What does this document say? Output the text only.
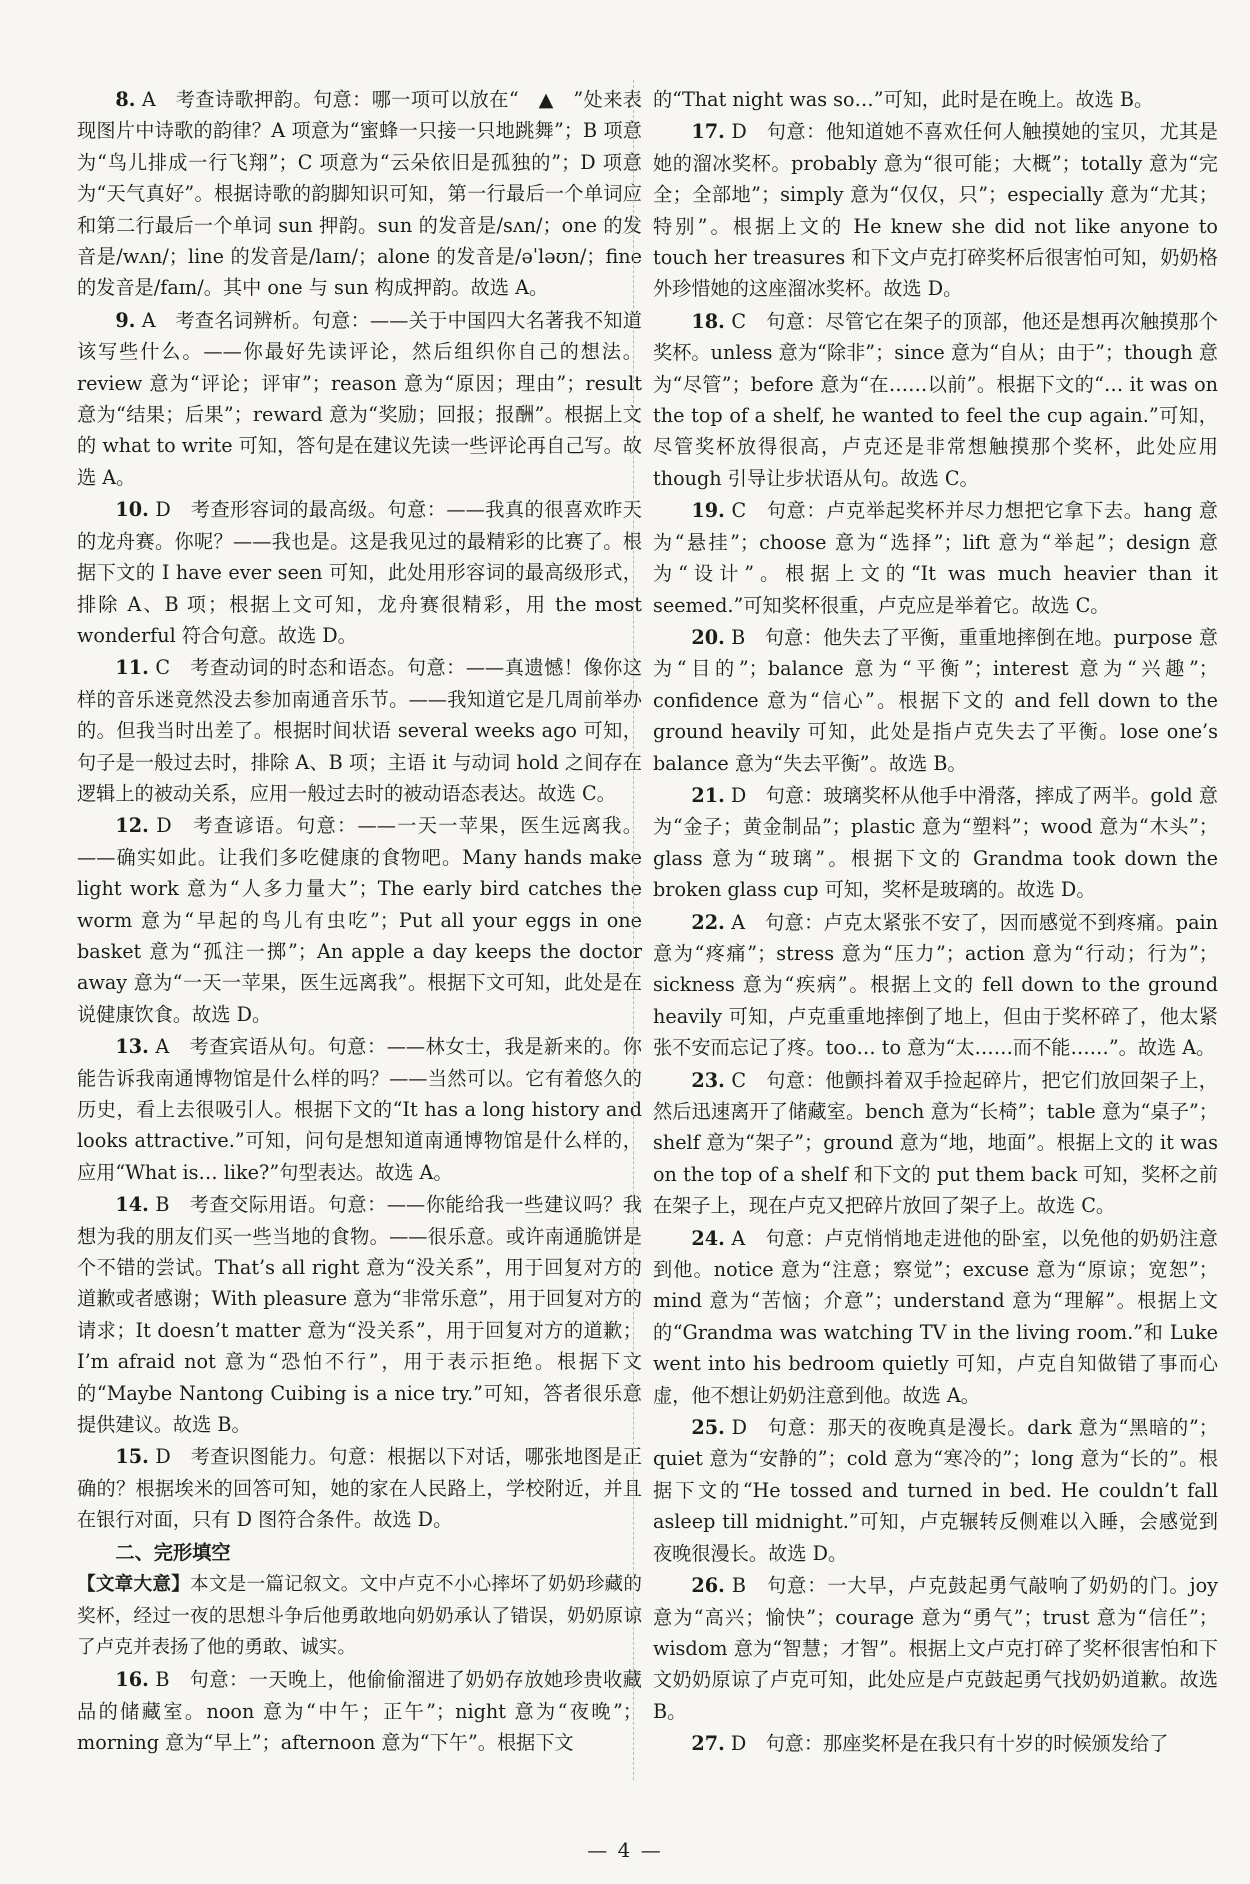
8. A　考查诗歌押韵。句意：哪一项可以放在“　▲　”处来表现图片中诗歌的韵律？A 项意为“蜜蜂一只接一只地跳舞”；B 项意为“鸟儿排成一行飞翔”；C 项意为“云朵依旧是孤独的”；D 项意为“天气真好”。根据诗歌的韵脚知识可知，第一行最后一个单词应和第二行最后一个单词 sun 押韵。sun 的发音是/sʌn/；one 的发音是/wʌn/；line 的发音是/laɪn/；alone 的发音是/əˈləʊn/；fine 的发音是/faɪn/。其中 one 与 sun 构成押韵。故选 A。

9. A　考查名词辨析。句意：——关于中国四大名著我不知道该写些什么。——你最好先读评论，然后组织你自己的想法。review 意为“评论；评审”；reason 意为“原因；理由”；result 意为“结果；后果”；reward 意为“奖励；回报；报酬”。根据上文的 what to write 可知，答句是在建议先读一些评论再自己写。故选 A。

10. D　考查形容词的最高级。句意：——我真的很喜欢昨天的龙舟赛。你呢？——我也是。这是我见过的最精彩的比赛了。根据下文的 I have ever seen 可知，此处用形容词的最高级形式，排除 A、B 项；根据上文可知，龙舟赛很精彩，用 the most wonderful 符合句意。故选 D。

11. C　考查动词的时态和语态。句意：——真遗憾！像你这样的音乐迷竟然没去参加南通音乐节。——我知道它是几周前举办的。但我当时出差了。根据时间状语 several weeks ago 可知，句子是一般过去时，排除 A、B 项；主语 it 与动词 hold 之间存在逻辑上的被动关系，应用一般过去时的被动语态表达。故选 C。

12. D　考查谚语。句意：——一天一苹果，医生远离我。——确实如此。让我们多吃健康的食物吧。Many hands make light work 意为“人多力量大”；The early bird catches the worm 意为“早起的鸟儿有虫吃”；Put all your eggs in one basket 意为“孤注一掷”；An apple a day keeps the doctor away 意为“一天一苹果，医生远离我”。根据下文可知，此处是在说健康饮食。故选 D。

13. A　考查宾语从句。句意：——林女士，我是新来的。你能告诉我南通博物馆是什么样的吗？——当然可以。它有着悠久的历史，看上去很吸引人。根据下文的“It has a long history and looks attractive.”可知，问句是想知道南通博物馆是什么样的，应用“What is… like?”句型表达。故选 A。

14. B　考查交际用语。句意：——你能给我一些建议吗？我想为我的朋友们买一些当地的食物。——很乐意。或许南通脆饼是个不错的尝试。That’s all right 意为“没关系”，用于回复对方的道歉或者感谢；With pleasure 意为“非常乐意”，用于回复对方的请求；It doesn’t matter 意为“没关系”，用于回复对方的道歉；I’m afraid not 意为“恐怕不行”，用于表示拒绝。根据下文的“Maybe Nantong Cuibing is a nice try.”可知，答者很乐意提供建议。故选 B。

15. D　考查识图能力。句意：根据以下对话，哪张地图是正确的？根据埃米的回答可知，她的家在人民路上，学校附近，并且在银行对面，只有 D 图符合条件。故选 D。

二、完形填空

【文章大意】本文是一篇记叙文。文中卢克不小心摔坏了奶奶珍藏的奖杯，经过一夜的思想斗争后他勇敢地向奶奶承认了错误，奶奶原谅了卢克并表扬了他的勇敢、诚实。

16. B　句意：一天晚上，他偷偷溜进了奶奶存放她珍贵收藏品的储藏室。noon 意为“中午；正午”；night 意为“夜晚”；morning 意为“早上”；afternoon 意为“下午”。根据下文

的“That night was so…”可知，此时是在晚上。故选 B。

17. D　句意：他知道她不喜欢任何人触摸她的宝贝，尤其是她的溜冰奖杯。probably 意为“很可能；大概”；totally 意为“完全；全部地”；simply 意为“仅仅，只”；especially 意为“尤其；特别”。根据上文的 He knew she did not like anyone to touch her treasures 和下文卢克打碎奖杯后很害怕可知，奶奶格外珍惜她的这座溜冰奖杯。故选 D。

18. C　句意：尽管它在架子的顶部，他还是想再次触摸那个奖杯。unless 意为“除非”；since 意为“自从；由于”；though 意为“尽管”；before 意为“在……以前”。根据下文的“… it was on the top of a shelf, he wanted to feel the cup again.”可知，尽管奖杯放得很高，卢克还是非常想触摸那个奖杯，此处应用 though 引导让步状语从句。故选 C。

19. C　句意：卢克举起奖杯并尽力想把它拿下去。hang 意为“悬挂”；choose 意为“选择”；lift 意为“举起”；design 意为“设计”。根据上文的“It was much heavier than it seemed.”可知奖杯很重，卢克应是举着它。故选 C。

20. B　句意：他失去了平衡，重重地摔倒在地。purpose 意为“目的”；balance 意为“平衡”；interest 意为“兴趣”；confidence 意为“信心”。根据下文的 and fell down to the ground heavily 可知，此处是指卢克失去了平衡。lose one’s balance 意为“失去平衡”。故选 B。

21. D　句意：玻璃奖杯从他手中滑落，摔成了两半。gold 意为“金子；黄金制品”；plastic 意为“塑料”；wood 意为“木头”；glass 意为“玻璃”。根据下文的 Grandma took down the broken glass cup 可知，奖杯是玻璃的。故选 D。

22. A　句意：卢克太紧张不安了，因而感觉不到疼痛。pain 意为“疼痛”；stress 意为“压力”；action 意为“行动；行为”；sickness 意为“疾病”。根据上文的 fell down to the ground heavily 可知，卢克重重地摔倒了地上，但由于奖杯碎了，他太紧张不安而忘记了疼。too… to 意为“太……而不能……”。故选 A。

23. C　句意：他颤抖着双手捡起碎片，把它们放回架子上，然后迅速离开了储藏室。bench 意为“长椅”；table 意为“桌子”；shelf 意为“架子”；ground 意为“地，地面”。根据上文的 it was on the top of a shelf 和下文的 put them back 可知，奖杯之前在架子上，现在卢克又把碎片放回了架子上。故选 C。

24. A　句意：卢克悄悄地走进他的卧室，以免他的奶奶注意到他。notice 意为“注意；察觉”；excuse 意为“原谅；宽恕”；mind 意为“苦恼；介意”；understand 意为“理解”。根据上文的“Grandma was watching TV in the living room.”和 Luke went into his bedroom quietly 可知，卢克自知做错了事而心虚，他不想让奶奶注意到他。故选 A。

25. D　句意：那天的夜晚真是漫长。dark 意为“黑暗的”；quiet 意为“安静的”；cold 意为“寒冷的”；long 意为“长的”。根据下文的“He tossed and turned in bed. He couldn’t fall asleep till midnight.”可知，卢克辗转反侧难以入睡，会感觉到夜晚很漫长。故选 D。

26. B　句意：一大早，卢克鼓起勇气敲响了奶奶的门。joy 意为“高兴；愉快”；courage 意为“勇气”；trust 意为“信任”；wisdom 意为“智慧；才智”。根据上文卢克打碎了奖杯很害怕和下文奶奶原谅了卢克可知，此处应是卢克鼓起勇气找奶奶道歉。故选 B。

27. D　句意：那座奖杯是在我只有十岁的时候颁发给了

— 4 —
